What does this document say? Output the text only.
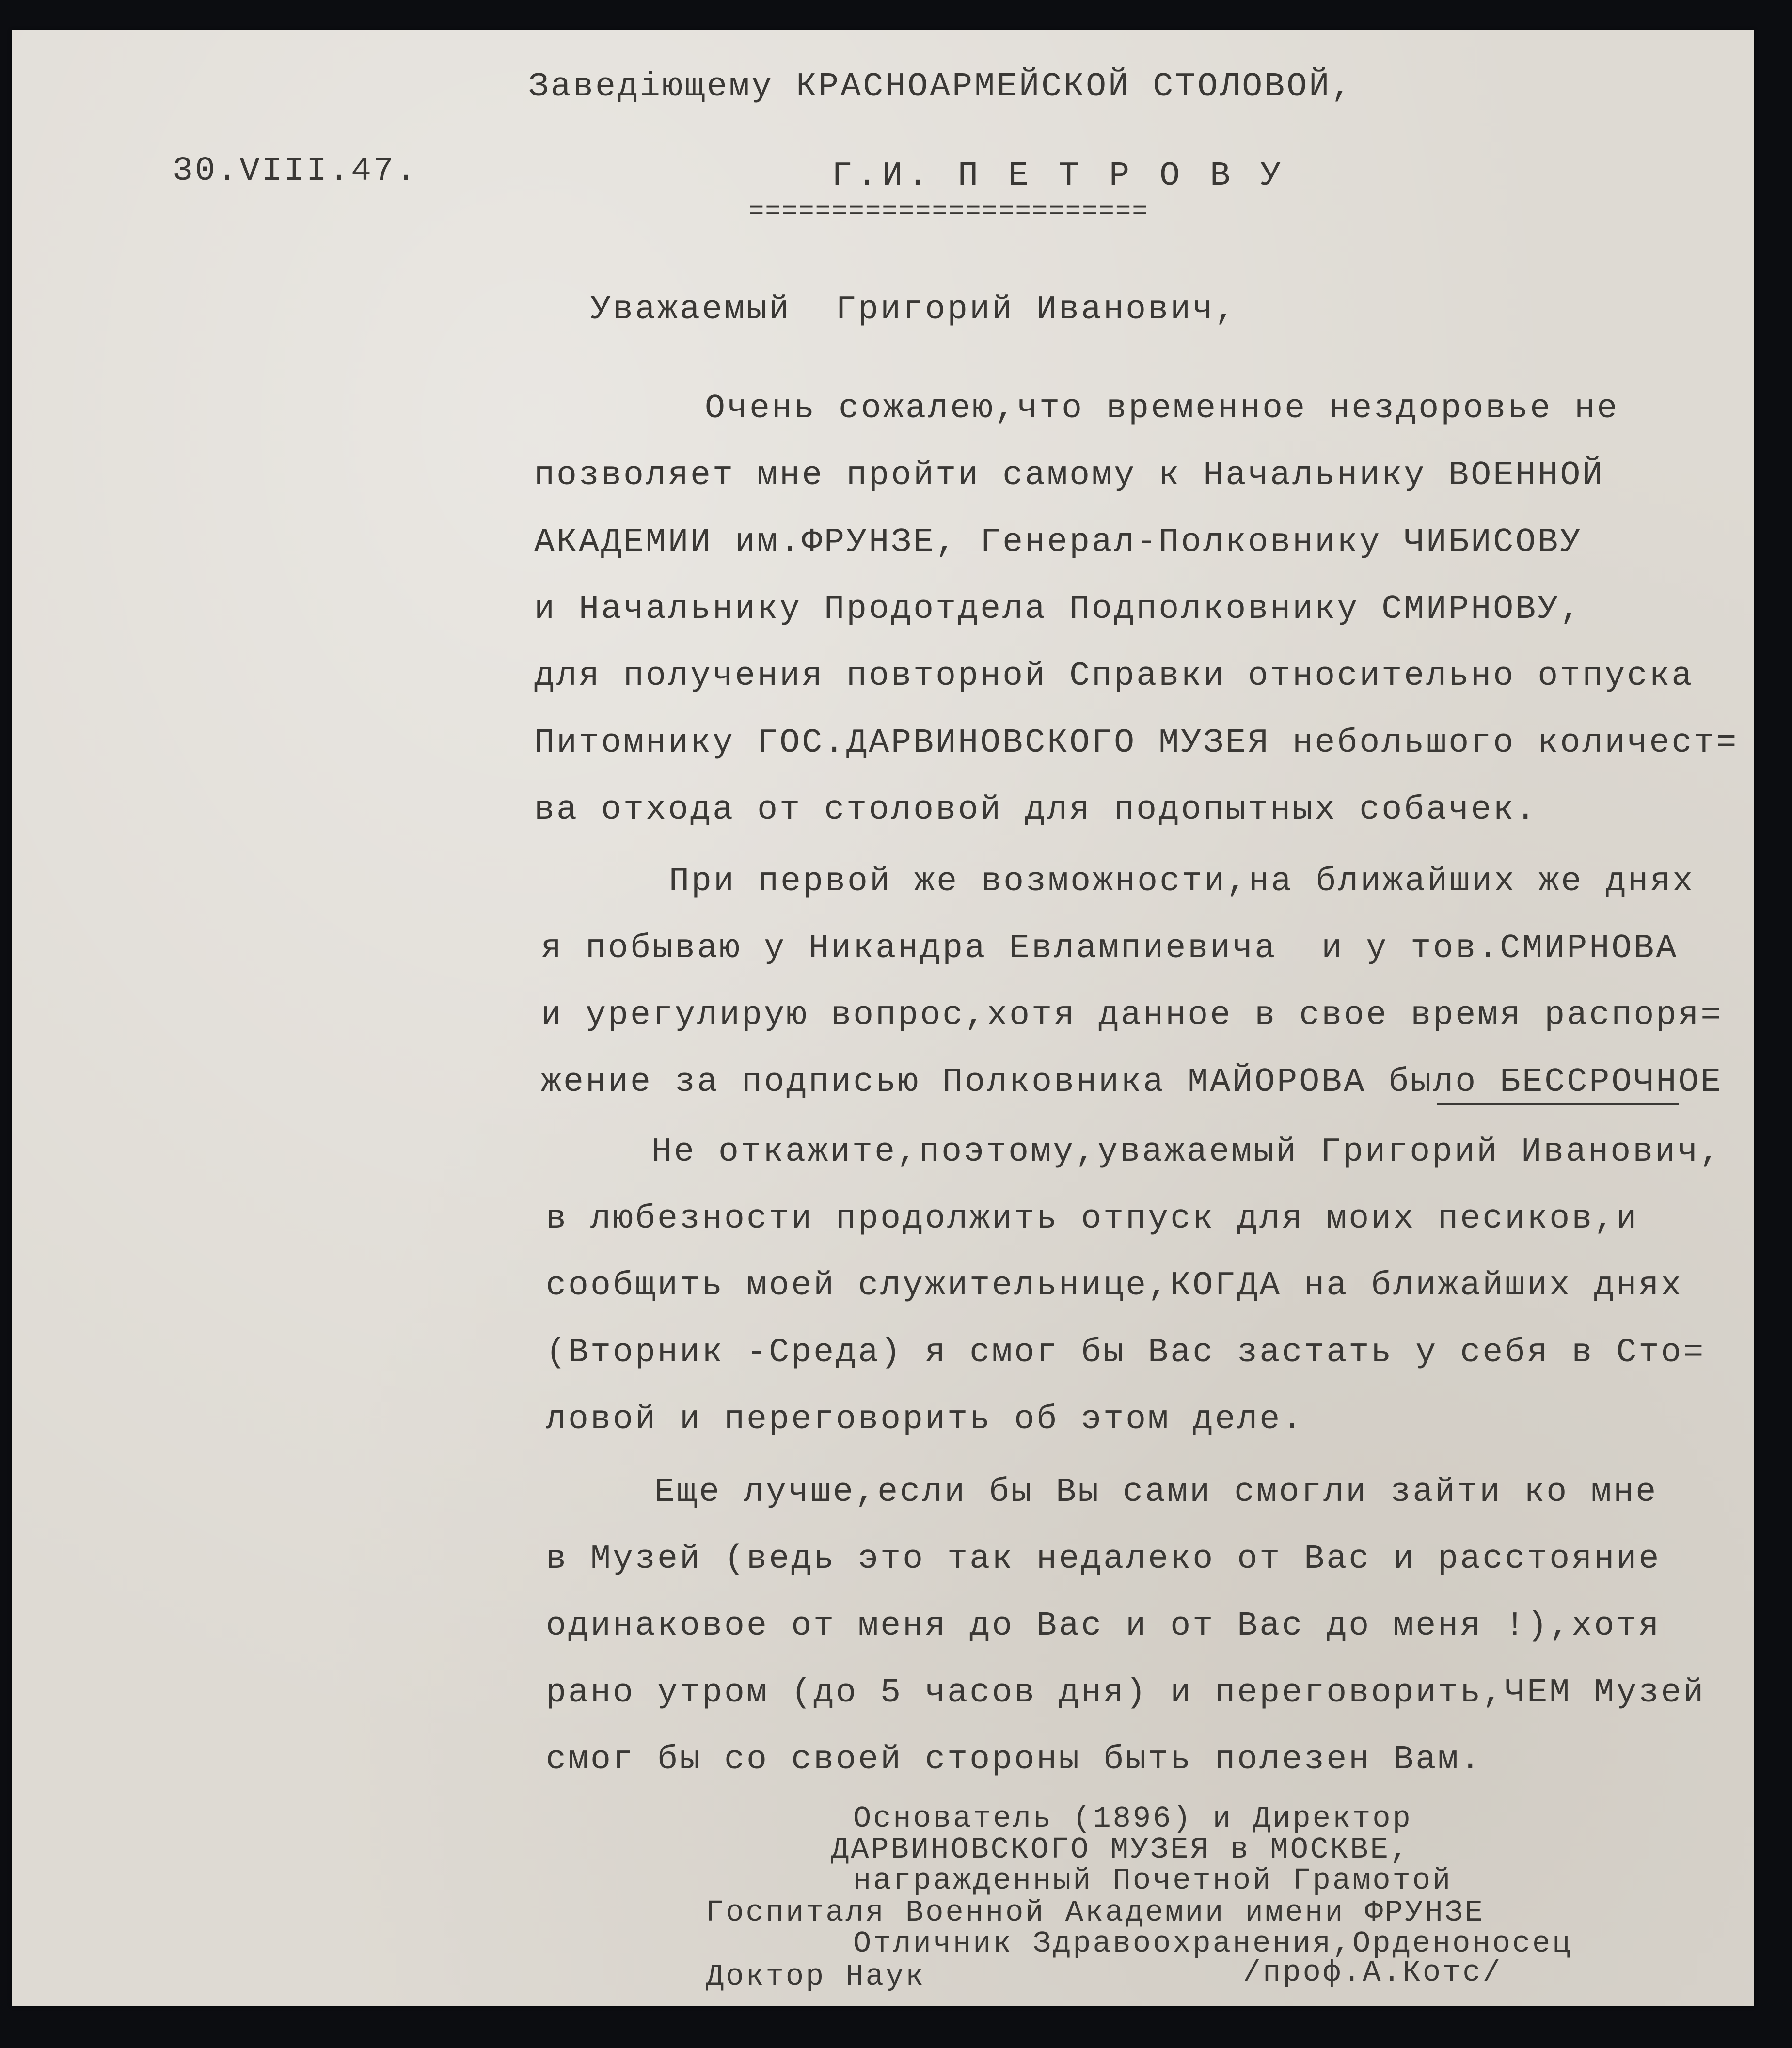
Заведіющему КРАСНОАРМЕЙСКОЙ СТОЛОВОЙ,
30.VIII.47.	Г.И. П Е Т Р О В У
========================
Уважаемый  Григорий Иванович,
Очень сожалею,что временное нездоровье не
позволяет мне пройти самому к Начальнику ВОЕННОЙ
АКАДЕМИИ им.ФРУНЗЕ, Генерал-Полковнику ЧИБИСОВУ
и Начальнику Продотдела Подполковнику СМИРНОВУ,
для получения повторной Справки относительно отпуска
Питомнику ГОС.ДАРВИНОВСКОГО МУЗЕЯ небольшого количест=
ва отхода от столовой для подопытных собачек.
При первой же возможности,на ближайших же днях
я побываю у Никандра Евлампиевича  и у тов.СМИРНОВА
и урегулирую вопрос,хотя данное в свое время распоря=
жение за подписью Полковника МАЙОРОВА было БЕССРОЧНОЕ
Не откажите,поэтому,уважаемый Григорий Иванович,
в любезности продолжить отпуск для моих песиков,и
сообщить моей служительнице,КОГДА на ближайших днях
(Вторник -Среда) я смог бы Вас застать у себя в Сто=
ловой и переговорить об этом деле.
Еще лучше,если бы Вы сами смогли зайти ко мне
в Музей (ведь это так недалеко от Вас и расстояние
одинаковое от меня до Вас и от Вас до меня !),хотя
рано утром (до 5 часов дня) и переговорить,ЧЕМ Музей
смог бы со своей стороны быть полезен Вам.
Основатель (1896) и Директор
ДАРВИНОВСКОГО МУЗЕЯ в МОСКВЕ,
награжденный Почетной Грамотой
Госпиталя Военной Академии имени ФРУНЗЕ
Отличник Здравоохранения,Орденоносец
Доктор Наук	/проф.А.Котс/
